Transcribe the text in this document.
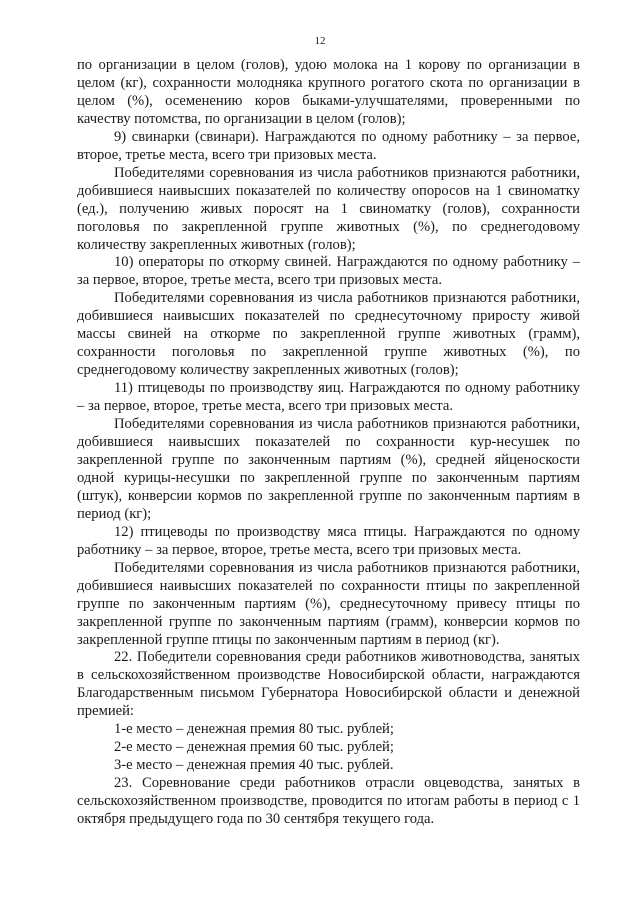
12

по организации в целом (голов), удою молока на 1 корову по организации в целом (кг), сохранности молодняка крупного рогатого скота по организации в целом (%), осеменению коров быками-улучшателями, проверенными по качеству потомства, по организации в целом (голов);

9) свинарки (свинари). Награждаются по одному работнику – за первое, второе, третье места, всего три призовых места.

Победителями соревнования из числа работников признаются работники, добившиеся наивысших показателей по количеству опоросов на 1 свиноматку (ед.), получению живых поросят на 1 свиноматку (голов), сохранности поголовья по закрепленной группе животных (%), по среднегодовому количеству закрепленных животных (голов);

10) операторы по откорму свиней. Награждаются по одному работнику – за первое, второе, третье места, всего три призовых места.

Победителями соревнования из числа работников признаются работники, добившиеся наивысших показателей по среднесуточному приросту живой массы свиней на откорме по закрепленной группе животных (грамм), сохранности поголовья по закрепленной группе животных (%), по среднегодовому количеству закрепленных животных (голов);

11) птицеводы по производству яиц. Награждаются по одному работнику – за первое, второе, третье места, всего три призовых места.

Победителями соревнования из числа работников признаются работники, добившиеся наивысших показателей по сохранности кур-несушек по закрепленной группе по законченным партиям (%), средней яйценоскости одной курицы-несушки по закрепленной группе по законченным партиям (штук), конверсии кормов по закрепленной группе по законченным партиям в период (кг);

12) птицеводы по производству мяса птицы. Награждаются по одному работнику – за первое, второе, третье места, всего три призовых места.

Победителями соревнования из числа работников признаются работники, добившиеся наивысших показателей по сохранности птицы по закрепленной группе по законченным партиям (%), среднесуточному привесу птицы по закрепленной группе по законченным партиям (грамм), конверсии кормов по закрепленной группе птицы по законченным партиям в период (кг).

22. Победители соревнования среди работников животноводства, занятых в сельскохозяйственном производстве Новосибирской области, награждаются Благодарственным письмом Губернатора Новосибирской области и денежной премией:

1-е место – денежная премия 80 тыс. рублей;

2-е место – денежная премия 60 тыс. рублей;

3-е место – денежная премия 40 тыс. рублей.

23. Соревнование среди работников отрасли овцеводства, занятых в сельскохозяйственном производстве, проводится по итогам работы в период с 1 октября предыдущего года по 30 сентября текущего года.
